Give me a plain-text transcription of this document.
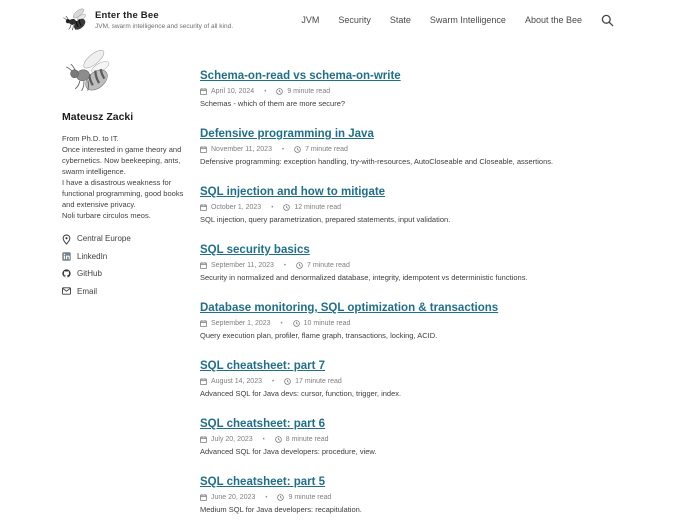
Enter the Bee
JVM, swarm intelligence and security of all kind.
JVM Security State Swarm Intelligence About the Bee
Mateusz Zacki

From Ph.D. to IT.

Once interested in game theory and cybernetics. Now beekeeping, ants, swarm intelligence.

I have a disastrous weakness for functional programming, good books and extensive privacy.

Noli turbare circulos meos.

Central Europe
LinkedIn
GitHub
Email
Schema-on-read vs schema-on-write
April 10, 2024 •	9 minute read

Schemas - which of them are more secure?

Defensive programming in Java
November 11, 2023 •	7 minute read

Defensive programming: exception handling, try-with-resources, AutoCloseable and Closeable, assertions.

SQL injection and how to mitigate
October 1, 2023 •	12 minute read

SQL injection, query parametrization, prepared statements, input validation.

SQL security basics
September 11, 2023 •	7 minute read

Security in normalized and denormalized database, integrity, idempotent vs deterministic functions.

Database monitoring, SQL optimization & transactions
September 1, 2023 •	10 minute read

Query execution plan, profiler, flame graph, transactions, locking, ACID.

SQL cheatsheet: part 7
August 14, 2023 •	17 minute read

Advanced SQL for Java devs: cursor, function, trigger, index.

SQL cheatsheet: part 6
July 20, 2023 •	8 minute read

Advanced SQL for Java developers: procedure, view.

SQL cheatsheet: part 5
June 20, 2023 •	9 minute read

Medium SQL for Java developers: recapitulation.
